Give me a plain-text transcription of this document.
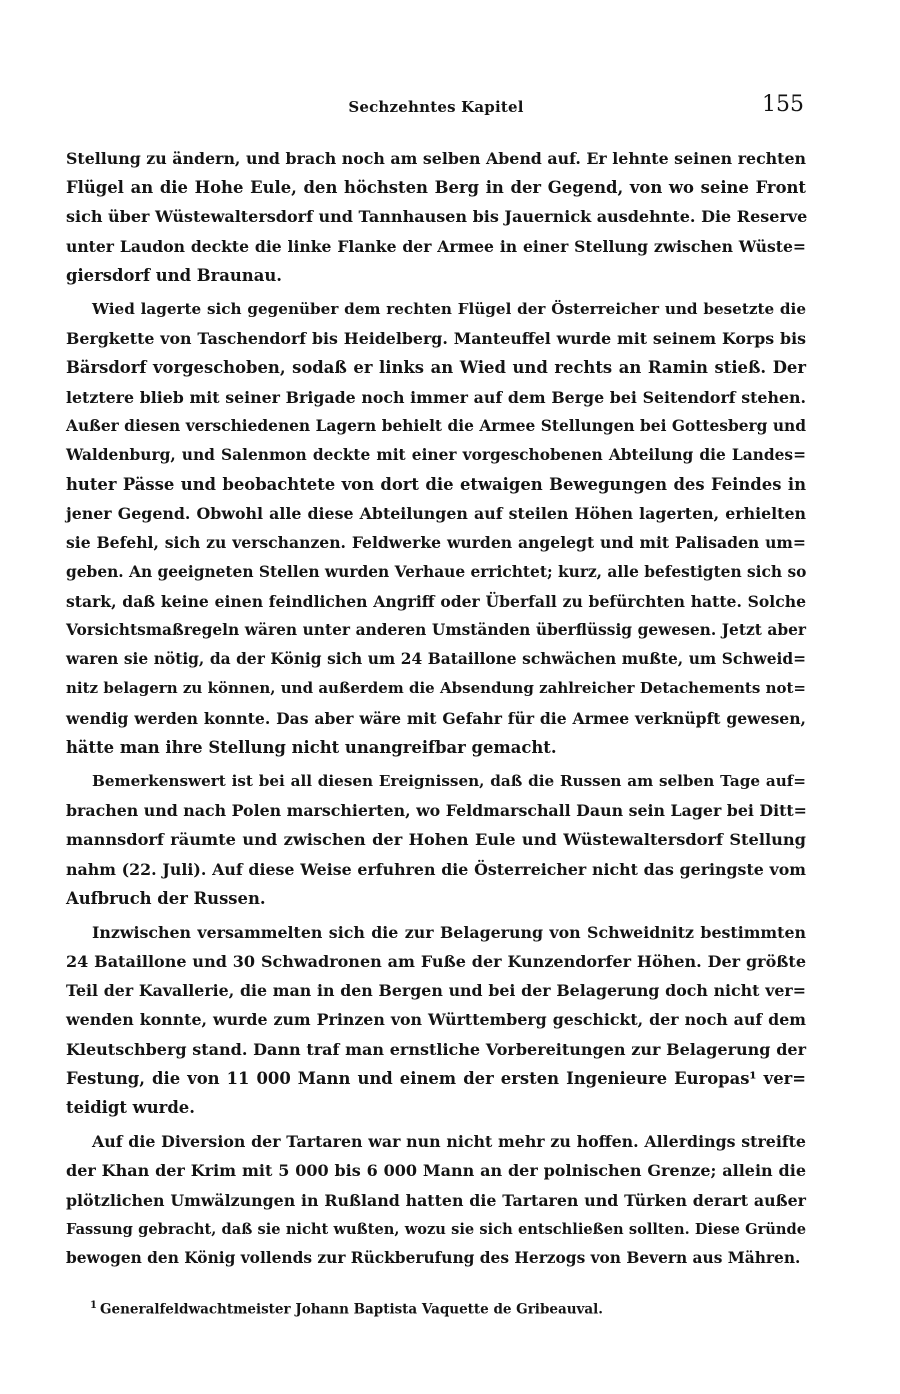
Sechzehntes Kapitel	155
Stellung zu ändern, und brach noch am selben Abend auf. Er lehnte seinen rechten
Flügel an die Hohe Eule, den höchsten Berg in der Gegend, von wo seine Front
sich über Wüstewaltersdorf und Tannhausen bis Jauernick ausdehnte. Die Reserve
unter Laudon deckte die linke Flanke der Armee in einer Stellung zwischen Wüste=
giersdorf und Braunau.
Wied lagerte sich gegenüber dem rechten Flügel der Österreicher und besetzte die
Bergkette von Taschendorf bis Heidelberg. Manteuffel wurde mit seinem Korps bis
Bärsdorf vorgeschoben, sodaß er links an Wied und rechts an Ramin stieß. Der
letztere blieb mit seiner Brigade noch immer auf dem Berge bei Seitendorf stehen.
Außer diesen verschiedenen Lagern behielt die Armee Stellungen bei Gottesberg und
Waldenburg, und Salenmon deckte mit einer vorgeschobenen Abteilung die Landes=
huter Pässe und beobachtete von dort die etwaigen Bewegungen des Feindes in
jener Gegend. Obwohl alle diese Abteilungen auf steilen Höhen lagerten, erhielten
sie Befehl, sich zu verschanzen. Feldwerke wurden angelegt und mit Palisaden um=
geben. An geeigneten Stellen wurden Verhaue errichtet; kurz, alle befestigten sich so
stark, daß keine einen feindlichen Angriff oder Überfall zu befürchten hatte. Solche
Vorsichtsmaßregeln wären unter anderen Umständen überflüssig gewesen. Jetzt aber
waren sie nötig, da der König sich um 24 Bataillone schwächen mußte, um Schweid=
nitz belagern zu können, und außerdem die Absendung zahlreicher Detachements not=
wendig werden konnte. Das aber wäre mit Gefahr für die Armee verknüpft gewesen,
hätte man ihre Stellung nicht unangreifbar gemacht.
Bemerkenswert ist bei all diesen Ereignissen, daß die Russen am selben Tage auf=
brachen und nach Polen marschierten, wo Feldmarschall Daun sein Lager bei Ditt=
mannsdorf räumte und zwischen der Hohen Eule und Wüstewaltersdorf Stellung
nahm (22. Juli). Auf diese Weise erfuhren die Österreicher nicht das geringste vom
Aufbruch der Russen.
Inzwischen versammelten sich die zur Belagerung von Schweidnitz bestimmten
24 Bataillone und 30 Schwadronen am Fuße der Kunzendorfer Höhen. Der größte
Teil der Kavallerie, die man in den Bergen und bei der Belagerung doch nicht ver=
wenden konnte, wurde zum Prinzen von Württemberg geschickt, der noch auf dem
Kleutschberg stand. Dann traf man ernstliche Vorbereitungen zur Belagerung der
Festung, die von 11 000 Mann und einem der ersten Ingenieure Europas¹ ver=
teidigt wurde.
Auf die Diversion der Tartaren war nun nicht mehr zu hoffen. Allerdings streifte
der Khan der Krim mit 5 000 bis 6 000 Mann an der polnischen Grenze; allein die
plötzlichen Umwälzungen in Rußland hatten die Tartaren und Türken derart außer
Fassung gebracht, daß sie nicht wußten, wozu sie sich entschließen sollten. Diese Gründe
bewogen den König vollends zur Rückberufung des Herzogs von Bevern aus Mähren.
$^1$ Generalfeldwachtmeister Johann Baptista Vaquette de Gribeauval.
